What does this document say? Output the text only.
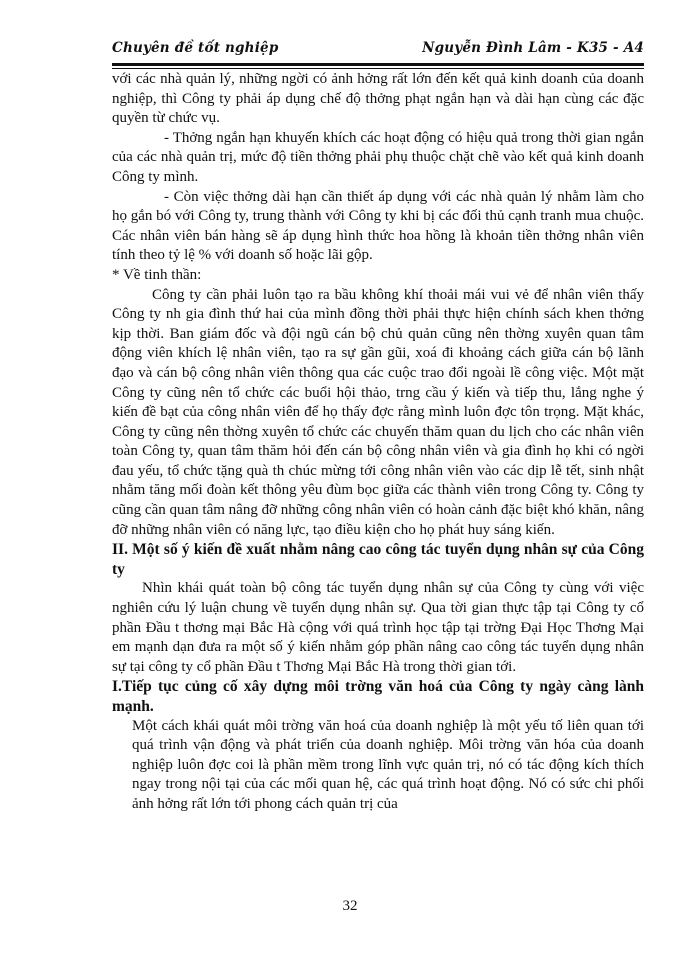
Chuyên đề tốt nghiệp	Nguyễn Đình Lâm - K35 - A4

với các nhà quản lý, những ngời có ảnh hởng rất lớn đến kết quả kinh doanh của doanh nghiệp, thì Công ty phải áp dụng chế độ thởng phạt ngắn hạn và dài hạn cùng các đặc quyền từ chức vụ.

- Thởng ngắn hạn khuyến khích các hoạt động có hiệu quả trong thời gian ngắn của các nhà quản trị, mức độ tiền thởng phải phụ thuộc chặt chẽ vào kết quả kinh doanh Công ty mình.

- Còn việc thởng dài hạn cần thiết áp dụng với các nhà quản lý nhằm làm cho họ gắn bó với Công ty, trung thành với Công ty khi bị các đối thủ cạnh tranh mua chuộc. Các nhân viên bán hàng sẽ áp dụng hình thức hoa hồng là khoản tiền thởng nhân viên tính theo tỷ lệ % với doanh số hoặc lãi gộp.

* Về tinh thần:

Công ty cần phải luôn tạo ra bầu không khí thoải mái vui vẻ để nhân viên thấy Công ty nh gia đình thứ hai của mình đồng thời phải thực hiện chính sách khen thởng kịp thời. Ban giám đốc và đội ngũ cán bộ chủ quản cũng nên thờng xuyên quan tâm động viên khích lệ nhân viên, tạo ra sự gần gũi, xoá đi khoảng cách giữa cán bộ lãnh đạo và cán bộ công nhân viên thông qua các cuộc trao đổi ngoài lề công việc. Một mặt Công ty cũng nên tổ chức các buổi hội thảo, trng cầu ý kiến và tiếp thu, lắng nghe ý kiến đề bạt của công nhân viên để họ thấy đợc rằng mình luôn đợc tôn trọng. Mặt khác, Công ty cũng nên thờng xuyên tổ chức các chuyến thăm quan du lịch cho các nhân viên toàn Công ty, quan tâm thăm hỏi đến cán bộ công nhân viên và gia đình họ khi có ngời đau yếu, tổ chức tặng quà th chúc mừng tới công nhân viên vào các dịp lễ tết, sinh nhật nhằm tăng mối đoàn kết thông yêu đùm bọc giữa các thành viên trong Công ty. Công ty cũng cần quan tâm nâng đỡ những công nhân viên có hoàn cảnh đặc biệt khó khăn, nâng đỡ những nhân viên có năng lực, tạo điều kiện cho họ phát huy sáng kiến.

II. Một số ý kiến đề xuất nhằm nâng cao công tác tuyển dụng nhân sự của Công ty

Nhìn khái quát toàn bộ công tác tuyển dụng nhân sự của Công ty cùng với việc nghiên cứu lý luận chung về tuyển dụng nhân sự. Qua tời gian thực tập tại Công ty cổ phần Đầu t thơng mại Bắc Hà cộng với quá trình học tập tại trờng Đại Học Thơng Mại em mạnh dạn đưa ra một số ý kiến nhằm góp phần nâng cao công tác tuyển dụng nhân sự tại công ty cổ phần Đầu t Thơng Mại Bắc Hà trong thời gian tới.

I.Tiếp tục củng cố xây dựng môi trờng văn hoá của Công ty ngày càng lành mạnh.

Một cách khái quát môi trờng văn hoá của doanh nghiệp là một yếu tố liên quan tới quá trình vận động và phát triển của doanh nghiệp. Môi trờng văn hóa của doanh nghiệp luôn đợc coi là phần mềm trong lĩnh vực quản trị, nó có tác động kích thích ngay trong nội tại của các mối quan hệ, các quá trình hoạt động. Nó có sức chi phối ảnh hởng rất lớn tới phong cách quản trị của

32
